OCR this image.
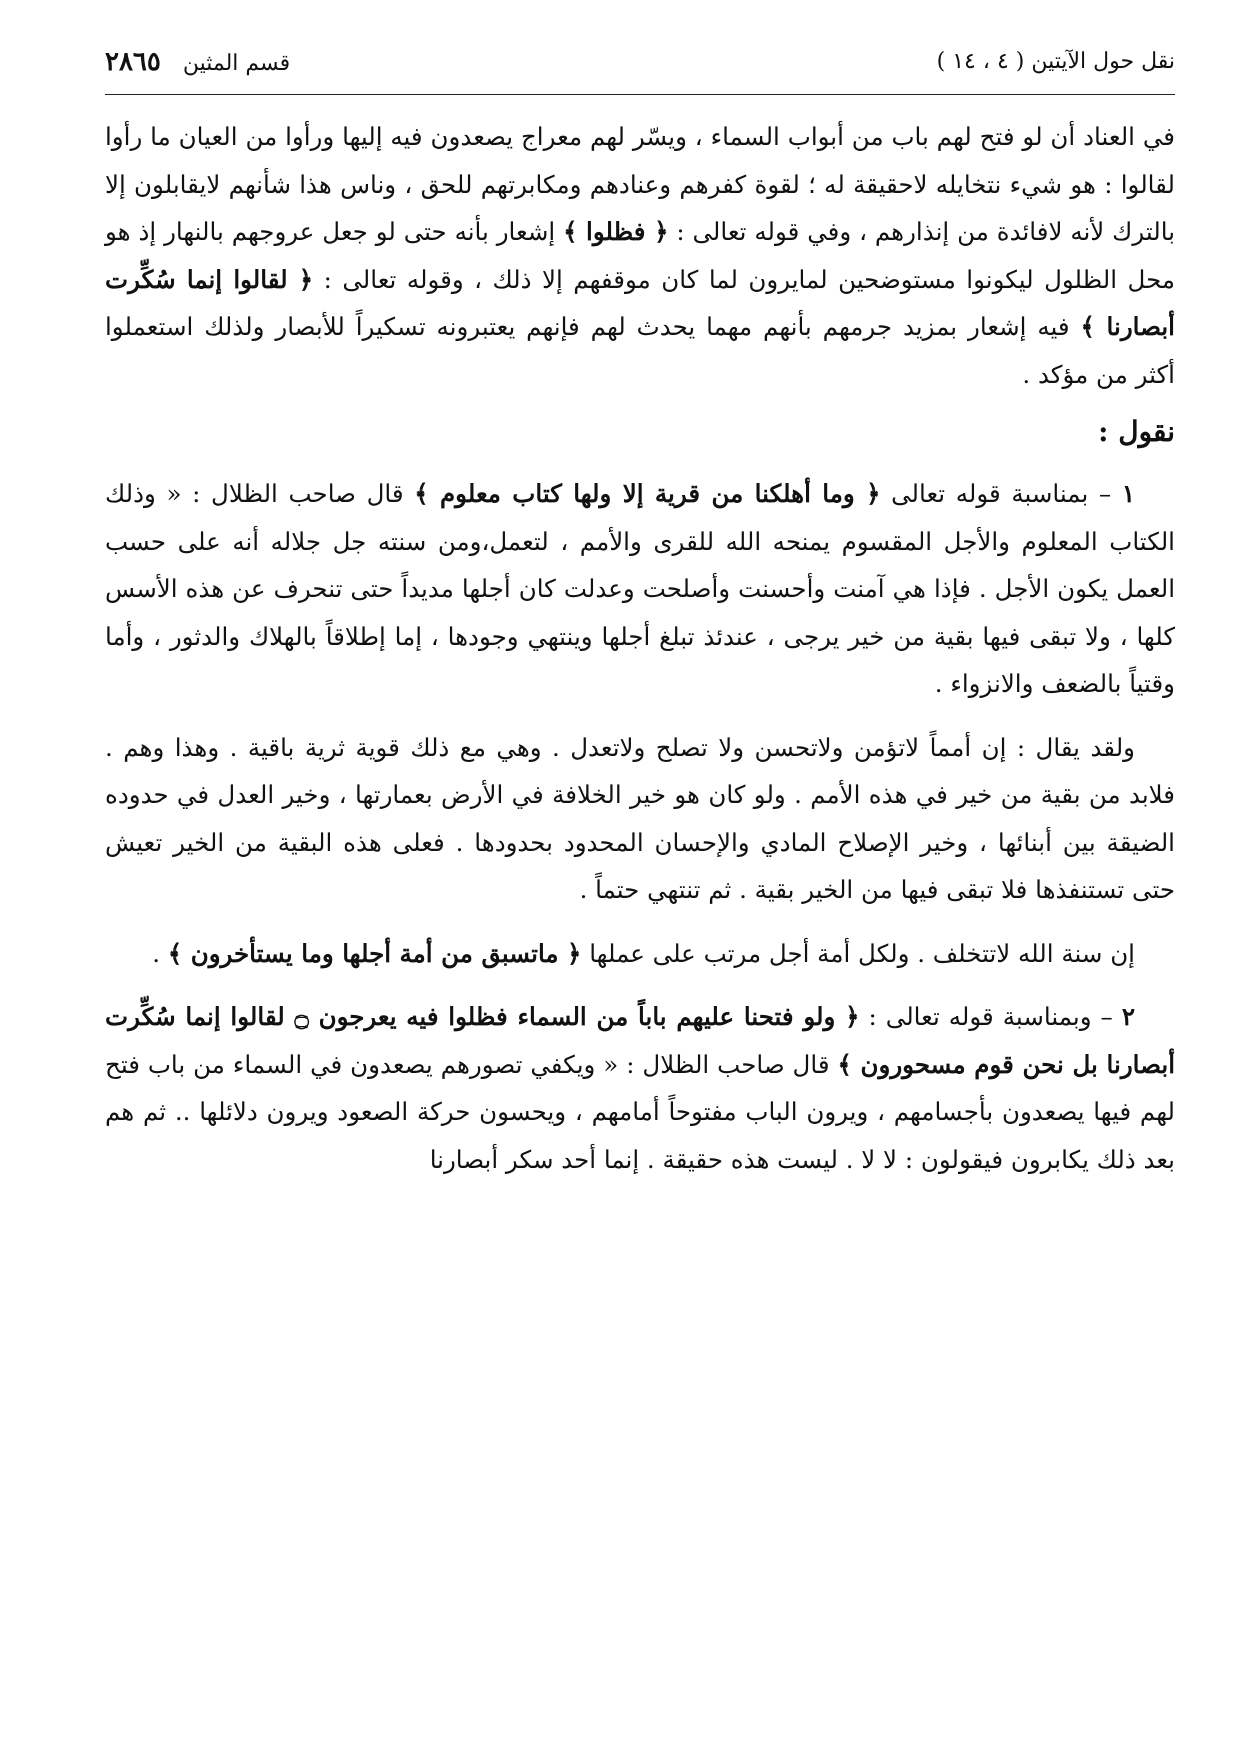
نقل حول الآيتين ( ٤ ، ١٤ )
قسم المثين٢٨٦٥

في العناد أن لو فتح لهم باب من أبواب السماء ، ويسّر لهم معراج يصعدون فيه إليها ورأوا من العيان ما رأوا لقالوا : هو شيء نتخايله لاحقيقة له ؛ لقوة كفرهم وعنادهم ومكابرتهم للحق ، وناس هذا شأنهم لايقابلون إلا بالترك لأنه لافائدة من إنذارهم ، وفي قوله تعالى : ﴿ فظلوا ﴾ إشعار بأنه حتى لو جعل عروجهم بالنهار إذ هو محل الظلول ليكونوا مستوضحين لمايرون لما كان موقفهم إلا ذلك ، وقوله تعالى : ﴿ لقالوا إنما سُكِّرت أبصارنا ﴾ فيه إشعار بمزيد جرمهم بأنهم مهما يحدث لهم فإنهم يعتبرونه تسكيراً للأبصار ولذلك استعملوا أكثر من مؤكد .

نقول :

١ – بمناسبة قوله تعالى ﴿ وما أهلكنا من قرية إلا ولها كتاب معلوم ﴾ قال صاحب الظلال : « وذلك الكتاب المعلوم والأجل المقسوم يمنحه الله للقرى والأمم ، لتعمل،ومن سنته جل جلاله أنه على حسب العمل يكون الأجل . فإذا هي آمنت وأحسنت وأصلحت وعدلت كان أجلها مديداً حتى تنحرف عن هذه الأسس كلها ، ولا تبقى فيها بقية من خير يرجى ، عندئذ تبلغ أجلها وينتهي وجودها ، إما إطلاقاً بالهلاك والدثور ، وأما وقتياً بالضعف والانزواء .

ولقد يقال : إن أمماً لاتؤمن ولاتحسن ولا تصلح ولاتعدل . وهي مع ذلك قوية ثرية باقية . وهذا وهم . فلابد من بقية من خير في هذه الأمم . ولو كان هو خير الخلافة في الأرض بعمارتها ، وخير العدل في حدوده الضيقة بين أبنائها ، وخير الإصلاح المادي والإحسان المحدود بحدودها . فعلى هذه البقية من الخير تعيش حتى تستنفذها فلا تبقى فيها من الخير بقية . ثم تنتهي حتماً .

إن سنة الله لاتتخلف . ولكل أمة أجل مرتب على عملها ﴿ ماتسبق من أمة أجلها وما يستأخرون ﴾ .

٢ – وبمناسبة قوله تعالى : ﴿ ولو فتحنا عليهم باباً من السماء فظلوا فيه يعرجون ۝ لقالوا إنما سُكِّرت أبصارنا بل نحن قوم مسحورون ﴾ قال صاحب الظلال : « ويكفي تصورهم يصعدون في السماء من باب فتح لهم فيها يصعدون بأجسامهم ، ويرون الباب مفتوحاً أمامهم ، ويحسون حركة الصعود ويرون دلائلها .. ثم هم بعد ذلك يكابرون فيقولون : لا لا . ليست هذه حقيقة . إنما أحد سكر أبصارنا
